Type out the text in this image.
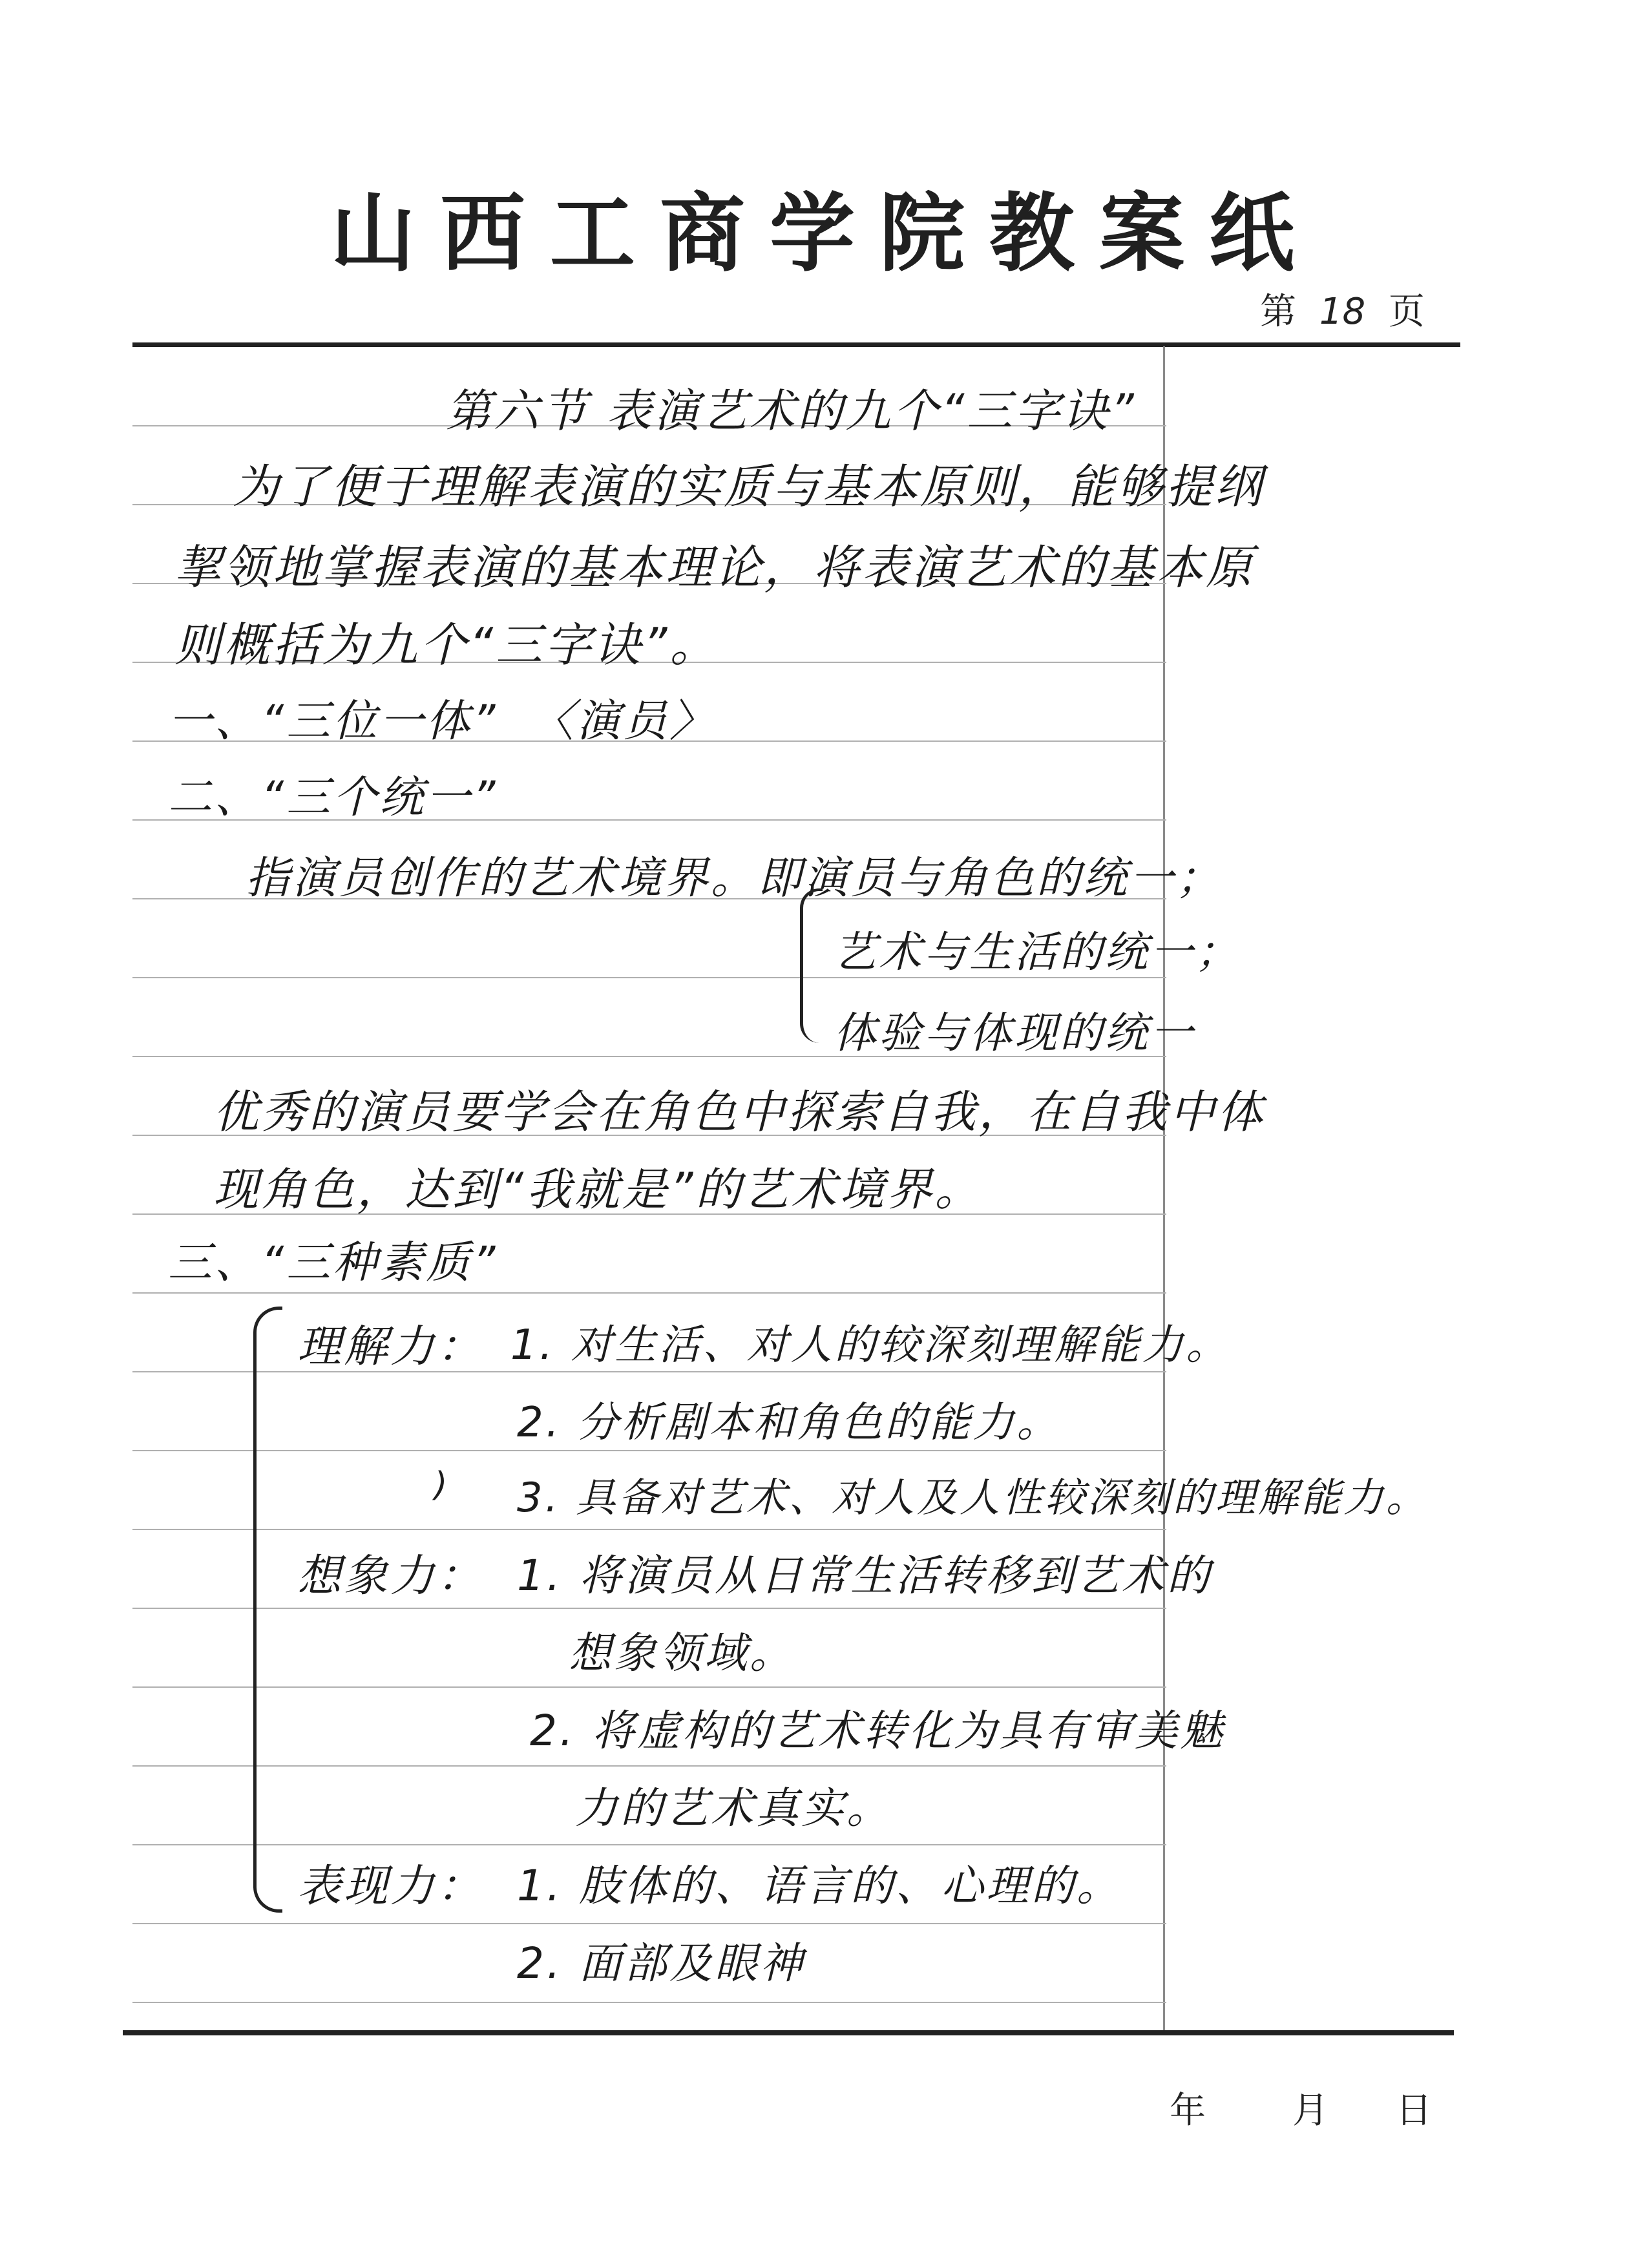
山西工商学院教案纸
第 18 页
年 月 日
第六节 表演艺术的九个“三字诀”
为了便于理解表演的实质与基本原则，能够提纲
挈领地掌握表演的基本理论，将表演艺术的基本原
则概括为九个“三字诀”。
一、“三位一体” 〈演员〉
二、“三个统一”
指演员创作的艺术境界。即演员与角色的统一；
艺术与生活的统一；
体验与体现的统一
优秀的演员要学会在角色中探索自我，在自我中体
现角色，达到“我就是”的艺术境界。
三、“三种素质”
理解力： 1. 对生活、对人的较深刻理解能力。
2. 分析剧本和角色的能力。
) 3. 具备对艺术、对人及人性较深刻的理解能力。
想象力： 1. 将演员从日常生活转移到艺术的
想象领域。
2. 将虚构的艺术转化为具有审美魅
力的艺术真实。
表现力： 1. 肢体的、语言的、心理的。
2. 面部及眼神
